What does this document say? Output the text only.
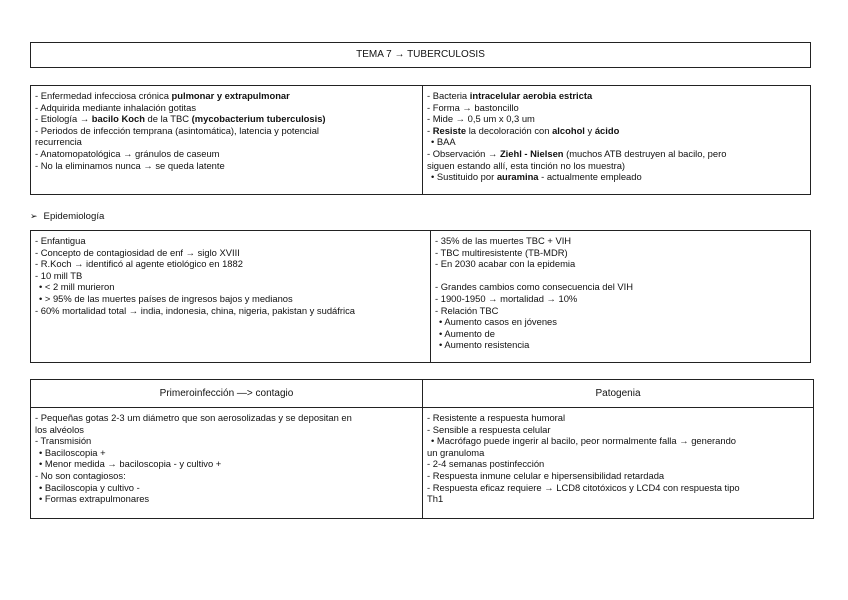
TEMA 7 → TUBERCULOSIS
- Enfermedad infecciosa crónica pulmonar y extrapulmonar
- Adquirida mediante inhalación gotitas
- Etiología → bacilo Koch de la TBC (mycobacterium tuberculosis)
- Periodos de infección temprana (asintomática), latencia y potencial
recurrencia
- Anatomopatológica → gránulos de caseum
- No la eliminamos nunca → se queda latente
- Bacteria intracelular aerobia estricta
- Forma → bastoncillo
- Mide → 0,5 um x 0,3 um
- Resiste la decoloración con alcohol y ácido
• BAA
- Observación → Ziehl - Nielsen (muchos ATB destruyen al bacilo, pero
siguen estando allí, esta tinción no los muestra)
• Sustituido por auramina - actualmente empleado
➢ Epidemiología
- Enfantigua
- Concepto de contagiosidad de enf → siglo XVIII
- R.Koch → identificó al agente etiológico en 1882
- 10 mill TB
• < 2 mill murieron
• > 95% de las muertes países de ingresos bajos y medianos
- 60% mortalidad total → india, indonesia, china, nigeria, pakistan y sudáfrica
- 35% de las muertes TBC + VIH
- TBC multiresistente (TB-MDR)
- En 2030 acabar con la epidemia
- Grandes cambios como consecuencia del VIH
- 1900-1950 → mortalidad → 10%
- Relación TBC
• Aumento casos en jóvenes
• Aumento de
• Aumento resistencia
Primeroinfección —> contagio	Patogenia
- Pequeñas gotas 2-3 um diámetro que son aerosolizadas y se depositan en
los alvéolos
- Transmisión
• Baciloscopia +
• Menor medida → baciloscopia - y cultivo +
- No son contagiosos:
• Baciloscopia y cultivo -
• Formas extrapulmonares
- Resistente a respuesta humoral
- Sensible a respuesta celular
• Macrófago puede ingerir al bacilo, peor normalmente falla → generando
un granuloma
- 2-4 semanas postinfección
- Respuesta inmune celular e hipersensibilidad retardada
- Respuesta eficaz requiere → LCD8 citotóxicos y LCD4 con respuesta tipo
Th1
